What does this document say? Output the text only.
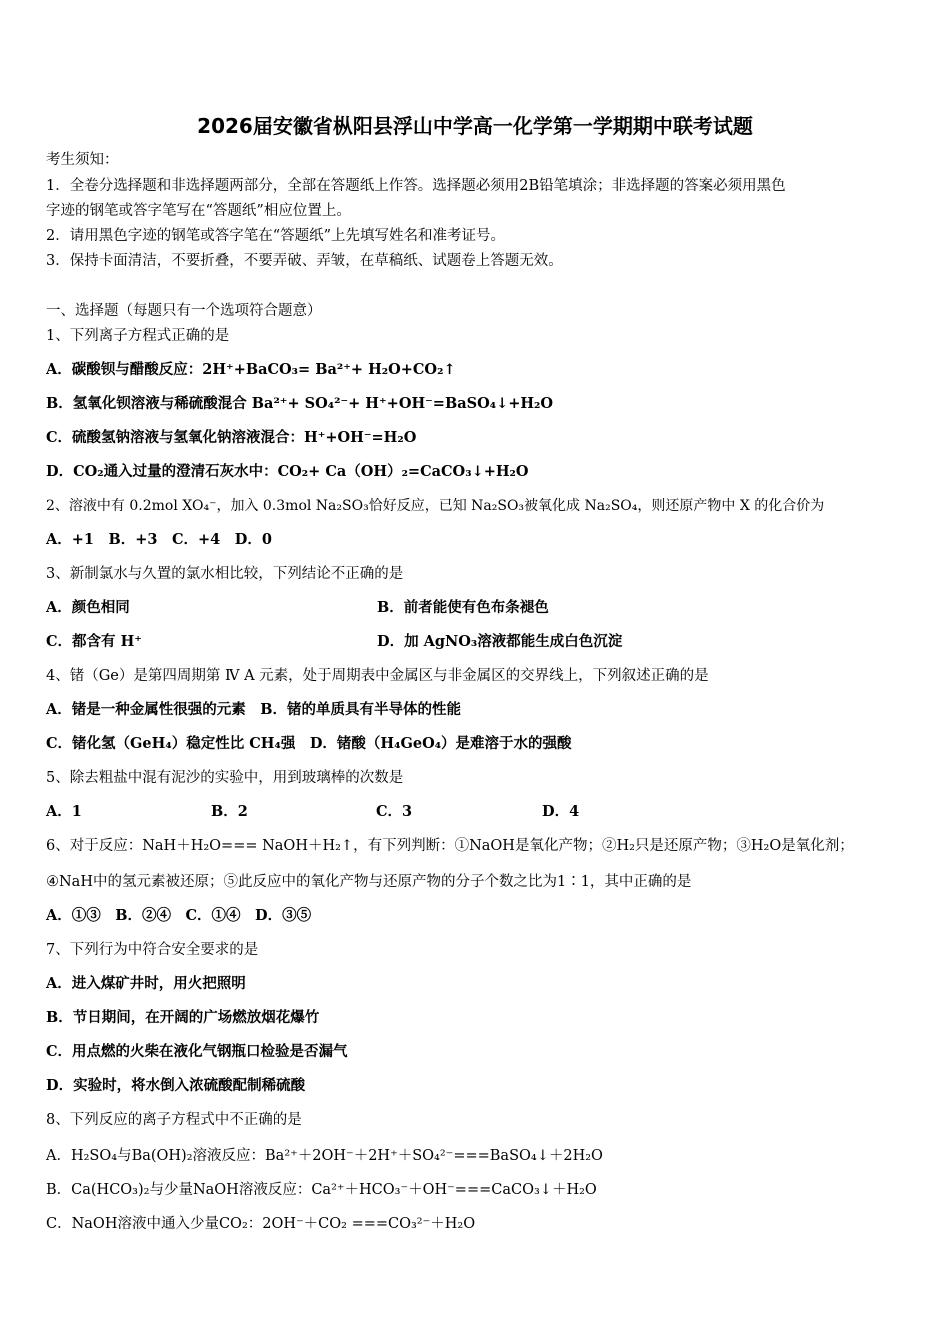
2026届安徽省枞阳县浮山中学高一化学第一学期期中联考试题
考生须知：
1．全卷分选择题和非选择题两部分，全部在答题纸上作答。选择题必须用2B铅笔填涂；非选择题的答案必须用黑色
字迹的钢笔或答字笔写在“答题纸”相应位置上。
2．请用黑色字迹的钢笔或答字笔在“答题纸”上先填写姓名和准考证号。
3．保持卡面清洁，不要折叠，不要弄破、弄皱，在草稿纸、试题卷上答题无效。
一、选择题（每题只有一个选项符合题意）
1、下列离子方程式正确的是
A．碳酸钡与醋酸反应：2H⁺+BaCO₃= Ba²⁺+ H₂O+CO₂↑
B．氢氧化钡溶液与稀硫酸混合 Ba²⁺+ SO₄²⁻+ H⁺+OH⁻=BaSO₄↓+H₂O
C．硫酸氢钠溶液与氢氧化钠溶液混合：H⁺+OH⁻=H₂O
D．CO₂通入过量的澄清石灰水中：CO₂+ Ca（OH）₂=CaCO₃↓+H₂O
2、溶液中有 0.2mol XO₄⁻，加入 0.3mol Na₂SO₃恰好反应，已知 Na₂SO₃被氧化成 Na₂SO₄，则还原产物中 X 的化合价为
A．+1　B．+3　C．+4　D．0
3、新制氯水与久置的氯水相比较，下列结论不正确的是
A．颜色相同	B．前者能使有色布条褪色
C．都含有 H⁺	D．加 AgNO₃溶液都能生成白色沉淀
4、锗（Ge）是第四周期第 Ⅳ A 元素，处于周期表中金属区与非金属区的交界线上，下列叙述正确的是
A．锗是一种金属性很强的元素　B．锗的单质具有半导体的性能
C．锗化氢（GeH₄）稳定性比 CH₄强　D．锗酸（H₄GeO₄）是难溶于水的强酸
5、除去粗盐中混有泥沙的实验中，用到玻璃棒的次数是
A．1	B．2	C．3	D．4
6、对于反应：NaH＋H₂O=== NaOH＋H₂↑，有下列判断：①NaOH是氧化产物；②H₂只是还原产物；③H₂O是氧化剂；
④NaH中的氢元素被还原；⑤此反应中的氧化产物与还原产物的分子个数之比为1∶1，其中正确的是
A．①③　B．②④　C．①④　D．③⑤
7、下列行为中符合安全要求的是
A．进入煤矿井时，用火把照明
B．节日期间，在开阔的广场燃放烟花爆竹
C．用点燃的火柴在液化气钢瓶口检验是否漏气
D．实验时，将水倒入浓硫酸配制稀硫酸
8、下列反应的离子方程式中不正确的是
A．H₂SO₄与Ba(OH)₂溶液反应：Ba²⁺＋2OH⁻＋2H⁺＋SO₄²⁻===BaSO₄↓＋2H₂O
B．Ca(HCO₃)₂与少量NaOH溶液反应：Ca²⁺＋HCO₃⁻＋OH⁻===CaCO₃↓＋H₂O
C．NaOH溶液中通入少量CO₂：2OH⁻＋CO₂ ===CO₃²⁻＋H₂O
